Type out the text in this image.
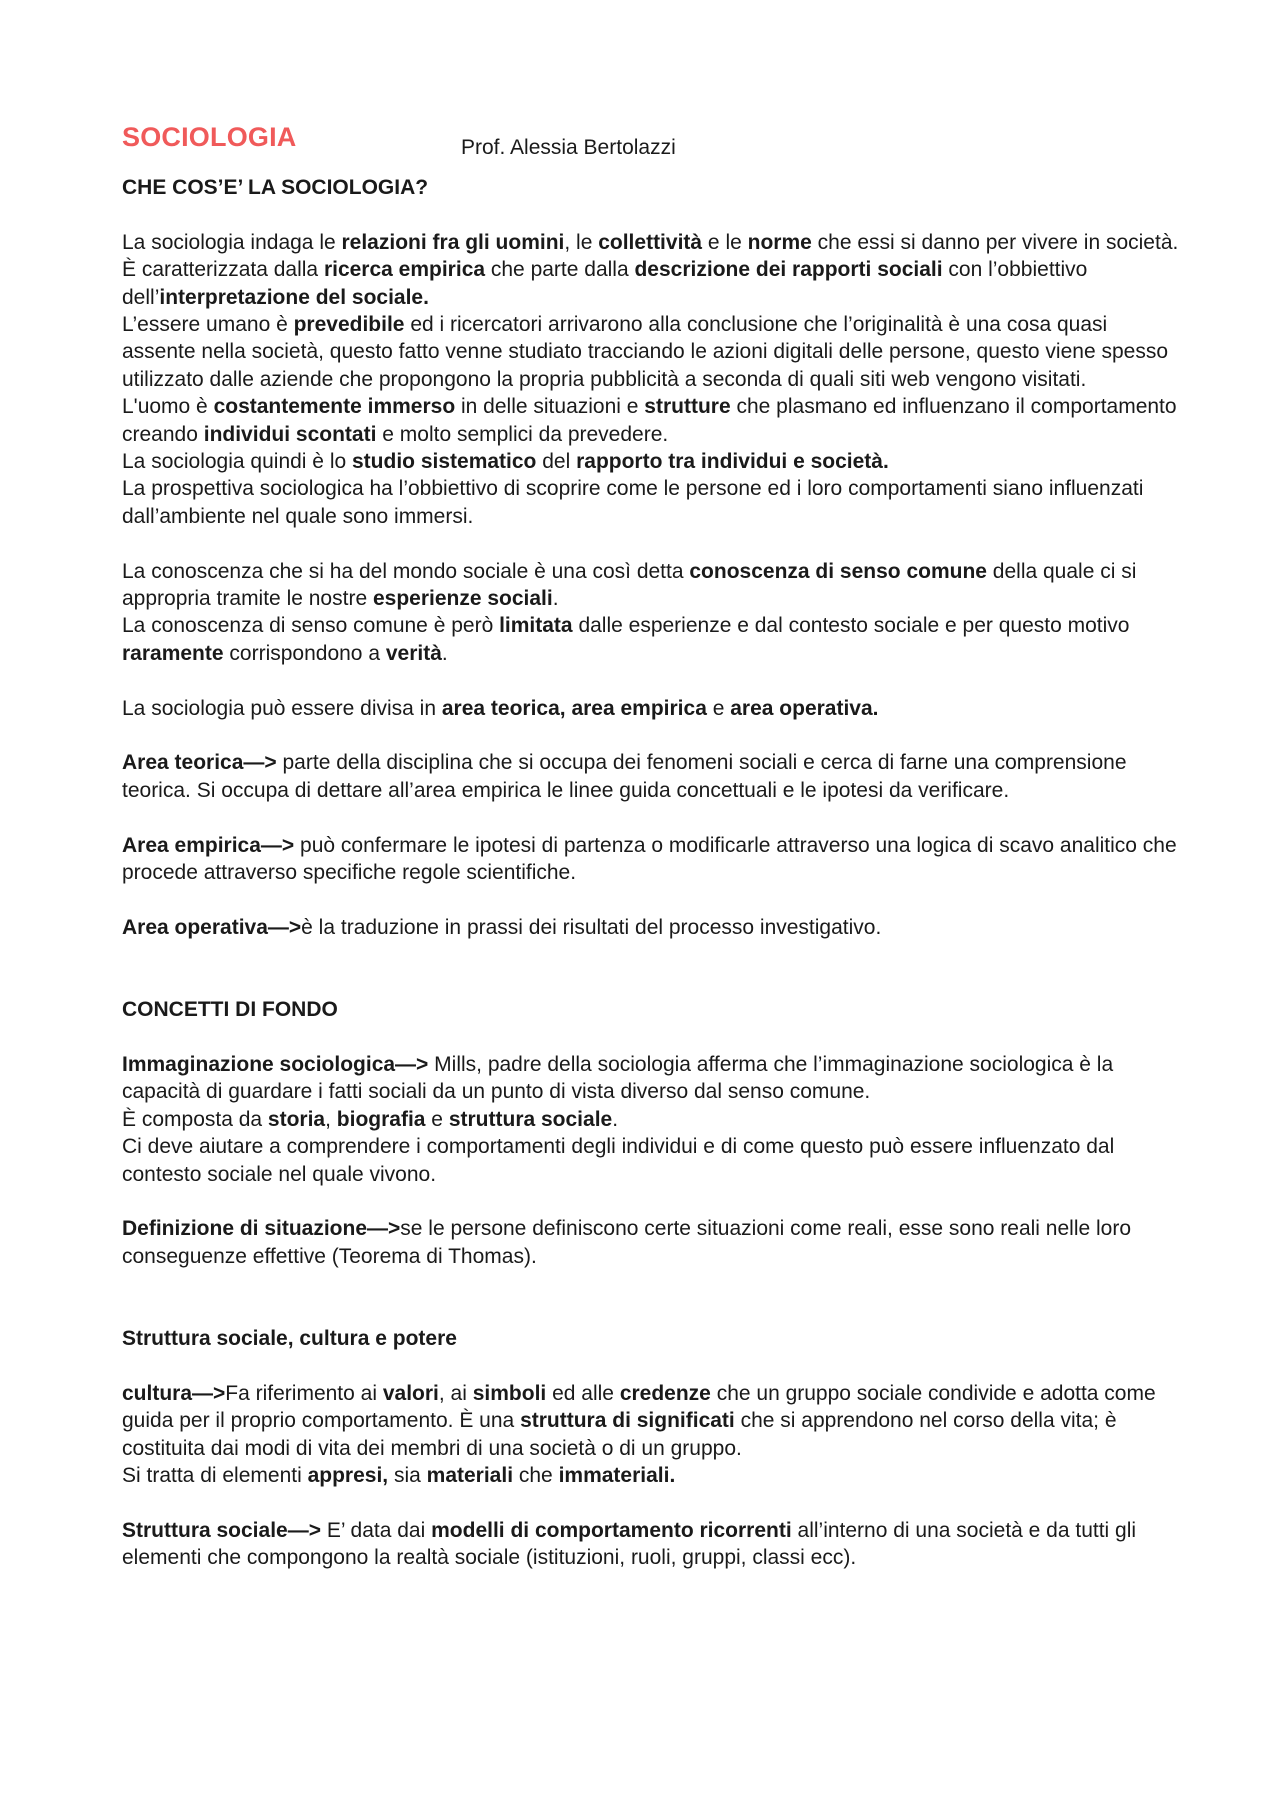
SOCIOLOGIA	Prof. Alessia Bertolazzi

CHE COS’E’ LA SOCIOLOGIA?

La sociologia indaga le relazioni fra gli uomini, le collettività e le norme che essi si danno per vivere in società.

È caratterizzata dalla ricerca empirica che parte dalla descrizione dei rapporti sociali con l’obbiettivo dell’interpretazione del sociale.

L’essere umano è prevedibile ed i ricercatori arrivarono alla conclusione che l’originalità è una cosa quasi assente nella società, questo fatto venne studiato tracciando le azioni digitali delle persone, questo viene spesso utilizzato dalle aziende che propongono la propria pubblicità a seconda di quali siti web vengono visitati.

L'uomo è costantemente immerso in delle situazioni e strutture che plasmano ed influenzano il comportamento creando individui scontati e molto semplici da prevedere.

La sociologia quindi è lo studio sistematico del rapporto tra individui e società.

La prospettiva sociologica ha l’obbiettivo di scoprire come le persone ed i loro comportamenti siano influenzati dall’ambiente nel quale sono immersi.

La conoscenza che si ha del mondo sociale è una così detta conoscenza di senso comune della quale ci si appropria tramite le nostre esperienze sociali.

La conoscenza di senso comune è però limitata dalle esperienze e dal contesto sociale e per questo motivo raramente corrispondono a verità.

La sociologia può essere divisa in area teorica, area empirica e area operativa.

Area teorica—> parte della disciplina che si occupa dei fenomeni sociali e cerca di farne una comprensione teorica. Si occupa di dettare all’area empirica le linee guida concettuali e le ipotesi da verificare.

Area empirica—> può confermare le ipotesi di partenza o modificarle attraverso una logica di scavo analitico che procede attraverso specifiche regole scientifiche.

Area operativa—>è la traduzione in prassi dei risultati del processo investigativo.

CONCETTI DI FONDO

Immaginazione sociologica—> Mills, padre della sociologia afferma che l’immaginazione sociologica è la capacità di guardare i fatti sociali da un punto di vista diverso dal senso comune.

È composta da storia, biografia e struttura sociale.

Ci deve aiutare a comprendere i comportamenti degli individui e di come questo può essere influenzato dal contesto sociale nel quale vivono.

Definizione di situazione—>se le persone definiscono certe situazioni come reali, esse sono reali nelle loro conseguenze effettive (Teorema di Thomas).

Struttura sociale, cultura e potere

cultura—>Fa riferimento ai valori, ai simboli ed alle credenze che un gruppo sociale condivide e adotta come guida per il proprio comportamento. È una struttura di significati che si apprendono nel corso della vita; è costituita dai modi di vita dei membri di una società o di un gruppo.

Si tratta di elementi appresi, sia materiali che immateriali.

Struttura sociale—> E’ data dai modelli di comportamento ricorrenti all’interno di una società e da tutti gli elementi che compongono la realtà sociale (istituzioni, ruoli, gruppi, classi ecc).
